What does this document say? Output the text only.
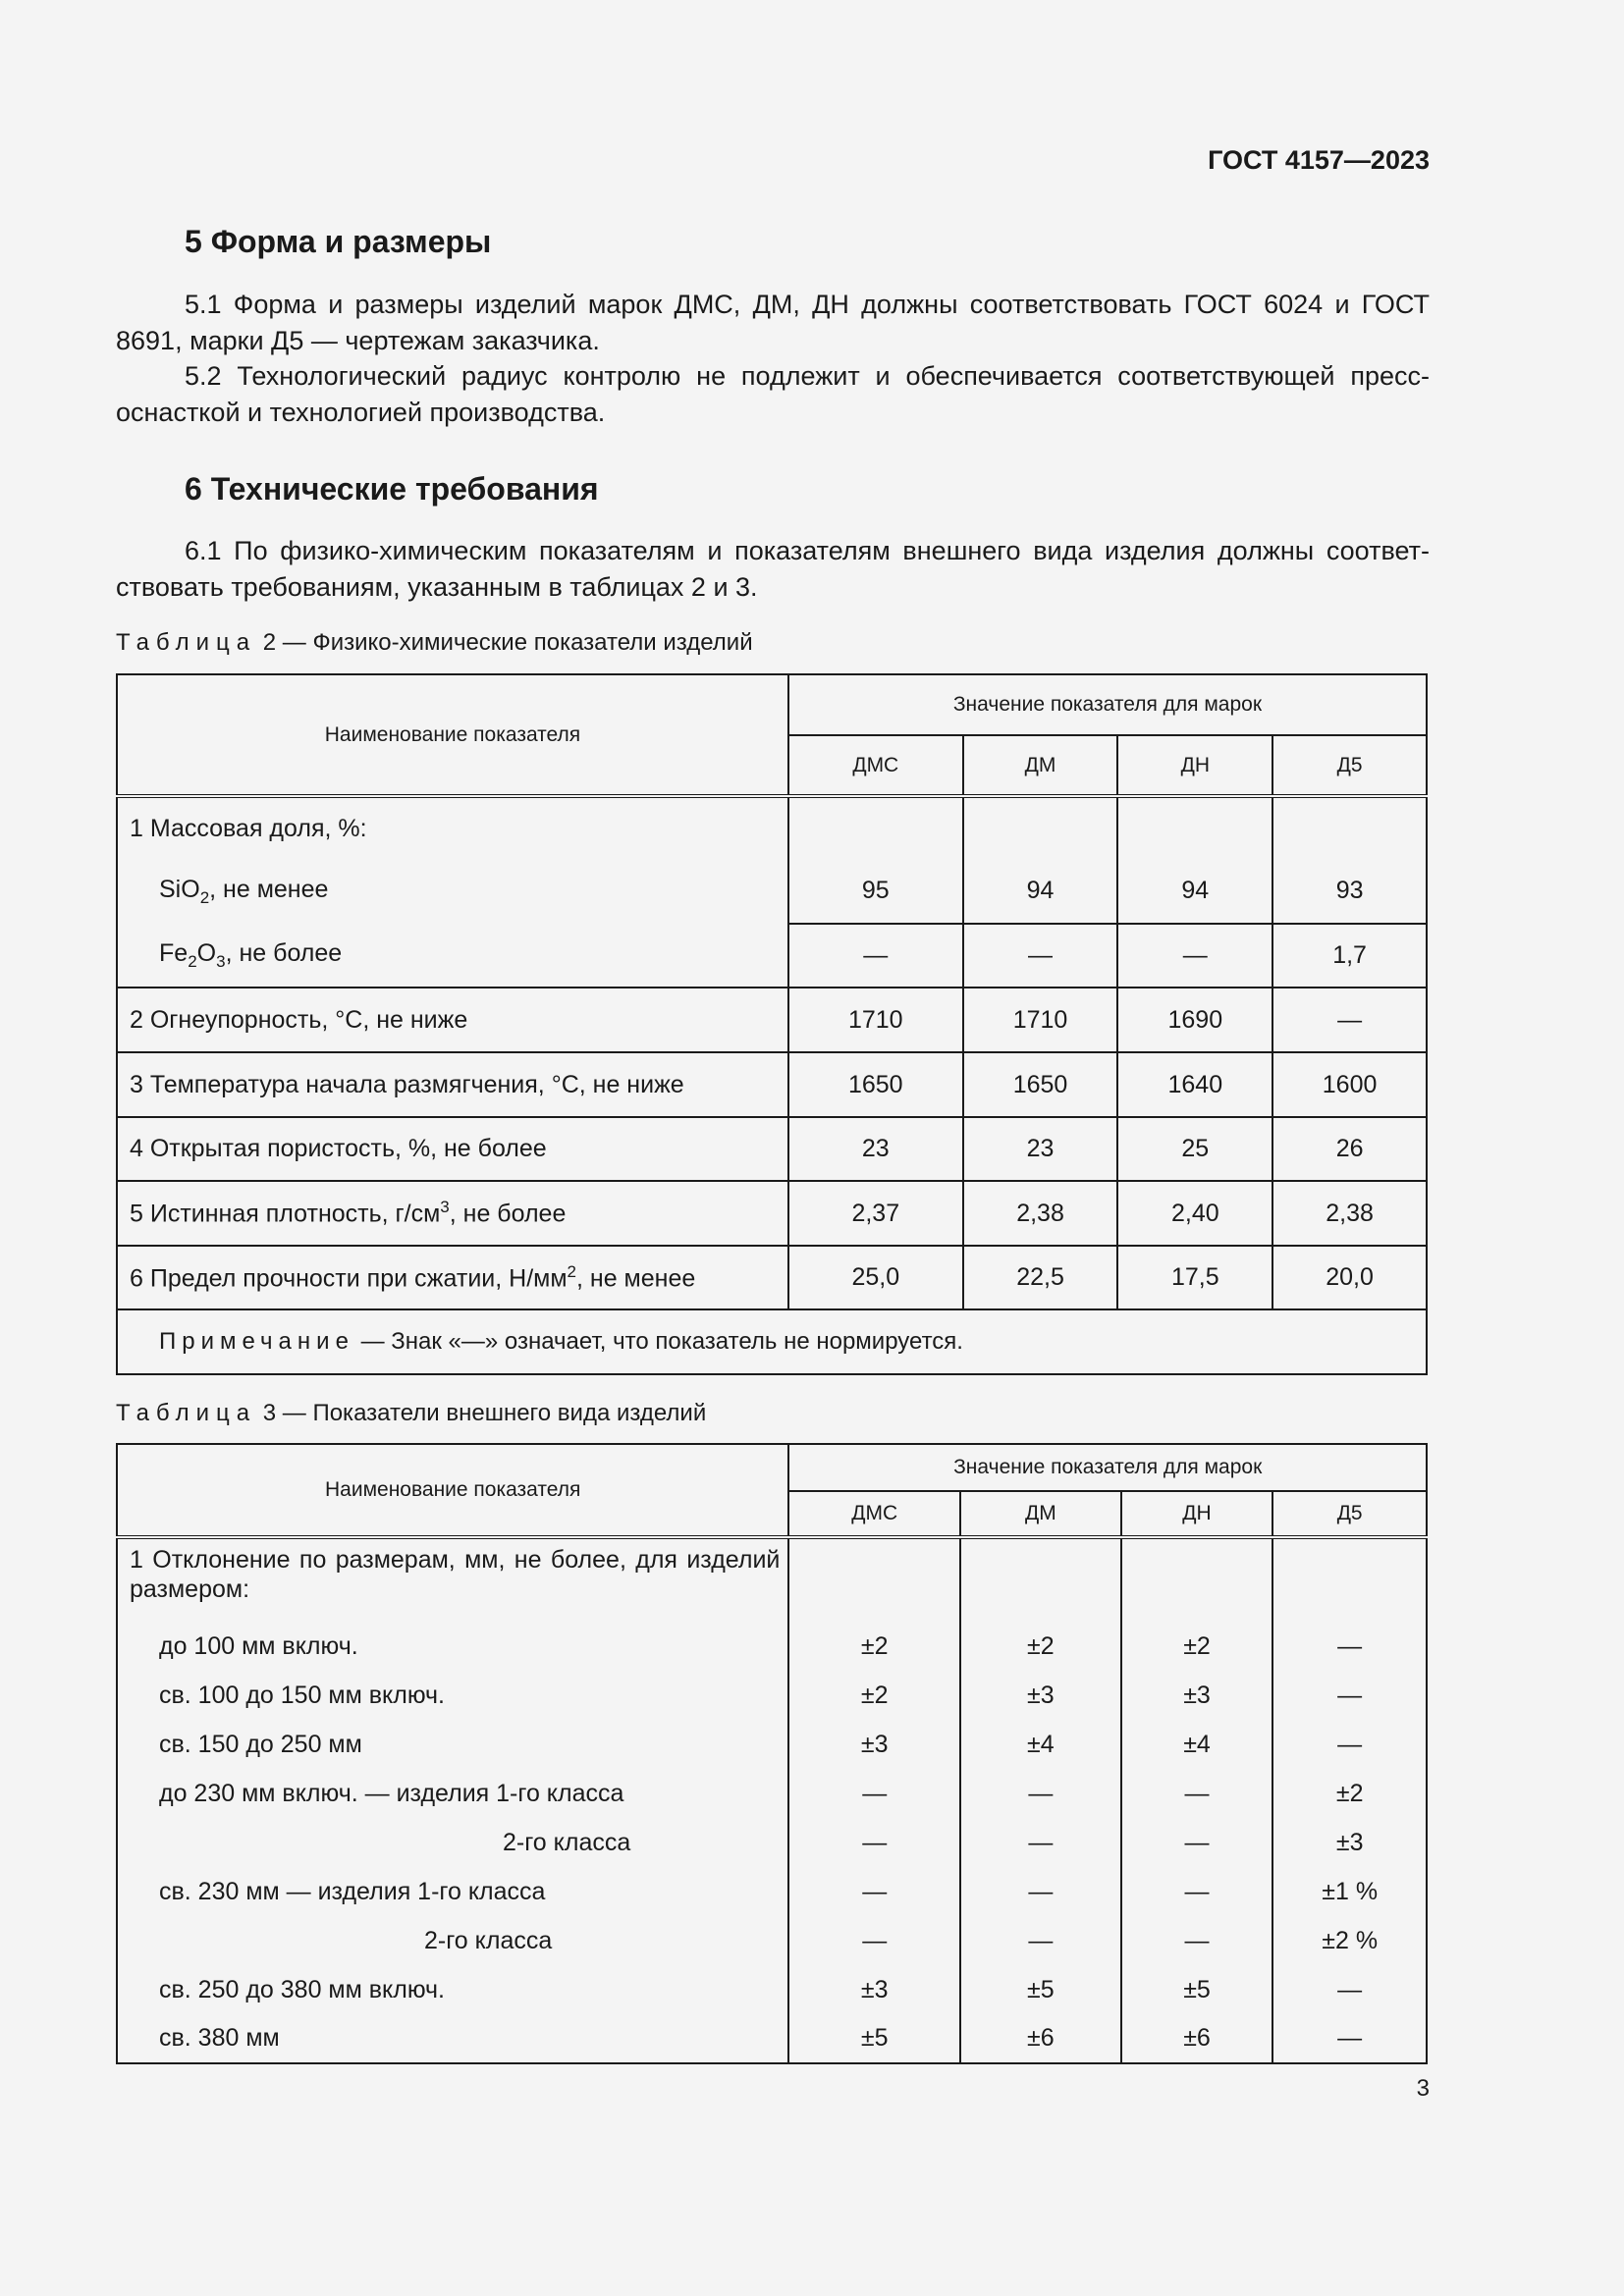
ГОСТ 4157—2023
5 Форма и размеры
5.1 Форма и размеры изделий марок ДМС, ДМ, ДН должны соответствовать ГОСТ 6024 и ГОСТ 8691, марки Д5 — чертежам заказчика.
5.2 Технологический радиус контролю не подлежит и обеспечивается соответствующей пресс-оснасткой и технологией производства.
6 Технические требования
6.1 По физико-химическим показателям и показателям внешнего вида изделия должны соответ-ствовать требованиям, указанным в таблицах 2 и 3.
Таблица 2 — Физико-химические показатели изделий
Наименование показателя	Значение показателя для марок			
	ДМС	ДМ	ДН	Д5
1 Массовая доля, %:				
SiO$_2$, не менее	95	94	94	93
$Fe_2O_3$, не более	—	—	—	1,7
2 Огнеупорность, °С, не ниже	1710	1710	1690	—
3 Температура начала размягчения, °С, не ниже	1650	1650	1640	1600
4 Открытая пористость, %, не более	23	23	25	26
5 Истинная плотность, $г/см^3$, не более	2,37	2,38	2,40	2,38
6 Предел прочности при сжатии, $Н/мм^2$, не менее	25,0	22,5	17,5	20,0
Примечание — Знак «—» означает, что показатель не нормируется.				
Таблица 3 — Показатели внешнего вида изделий
Наименование показателя	Значение показателя для марок			
	ДМС	ДМ	ДН	Д5
1 Отклонение по размерам, мм, не более, для изделий размером:				
до 100 мм включ.	±2	±2	±2	—
св. 100 до 150 мм включ.	±2	±3	±3	—
св. 150 до 250 мм	±3	±4	±4	—
до 230 мм включ. — изделия 1-го класса	—	—	—	±2
2-го класса	—	—	—	±3
св. 230 мм — изделия 1-го класса	—	—	—	±1 %
2-го класса	—	—	—	±2 %
св. 250 до 380 мм включ.	±3	±5	±5	—
св. 380 мм	±5	±6	±6	—
3
